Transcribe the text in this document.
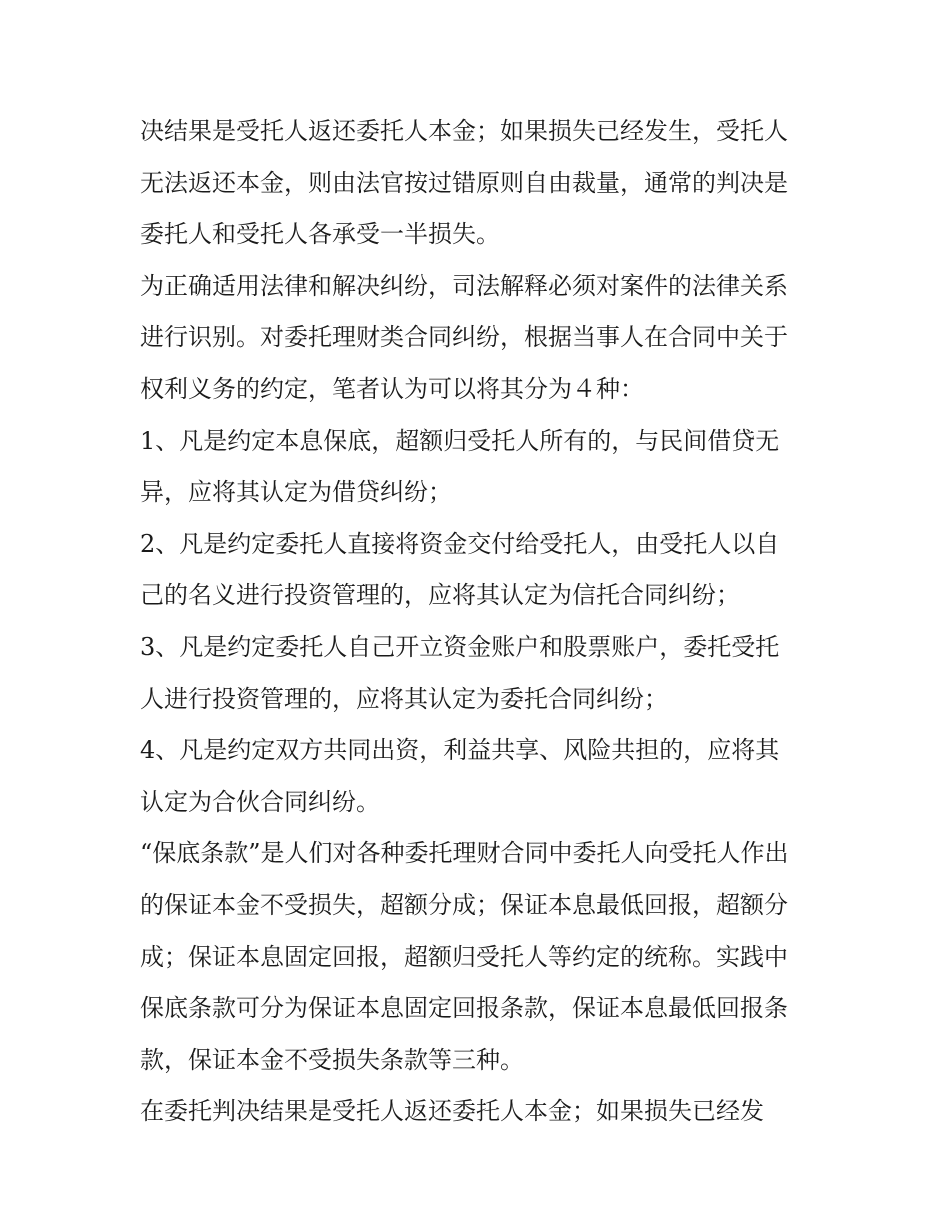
决结果是受托人返还委托人本金；如果损失已经发生，受托人
无法返还本金，则由法官按过错原则自由裁量，通常的判决是
委托人和受托人各承受一半损失。
为正确适用法律和解决纠纷，司法解释必须对案件的法律关系
进行识别。对委托理财类合同纠纷，根据当事人在合同中关于
权利义务的约定，笔者认为可以将其分为４种：
1、凡是约定本息保底，超额归受托人所有的，与民间借贷无
异，应将其认定为借贷纠纷；
2、凡是约定委托人直接将资金交付给受托人，由受托人以自
己的名义进行投资管理的，应将其认定为信托合同纠纷；
3、凡是约定委托人自己开立资金账户和股票账户，委托受托
人进行投资管理的，应将其认定为委托合同纠纷；
4、凡是约定双方共同出资，利益共享、风险共担的，应将其
认定为合伙合同纠纷。
“保底条款”是人们对各种委托理财合同中委托人向受托人作出
的保证本金不受损失，超额分成；保证本息最低回报，超额分
成；保证本息固定回报，超额归受托人等约定的统称。实践中
保底条款可分为保证本息固定回报条款，保证本息最低回报条
款，保证本金不受损失条款等三种。
在委托判决结果是受托人返还委托人本金；如果损失已经发
